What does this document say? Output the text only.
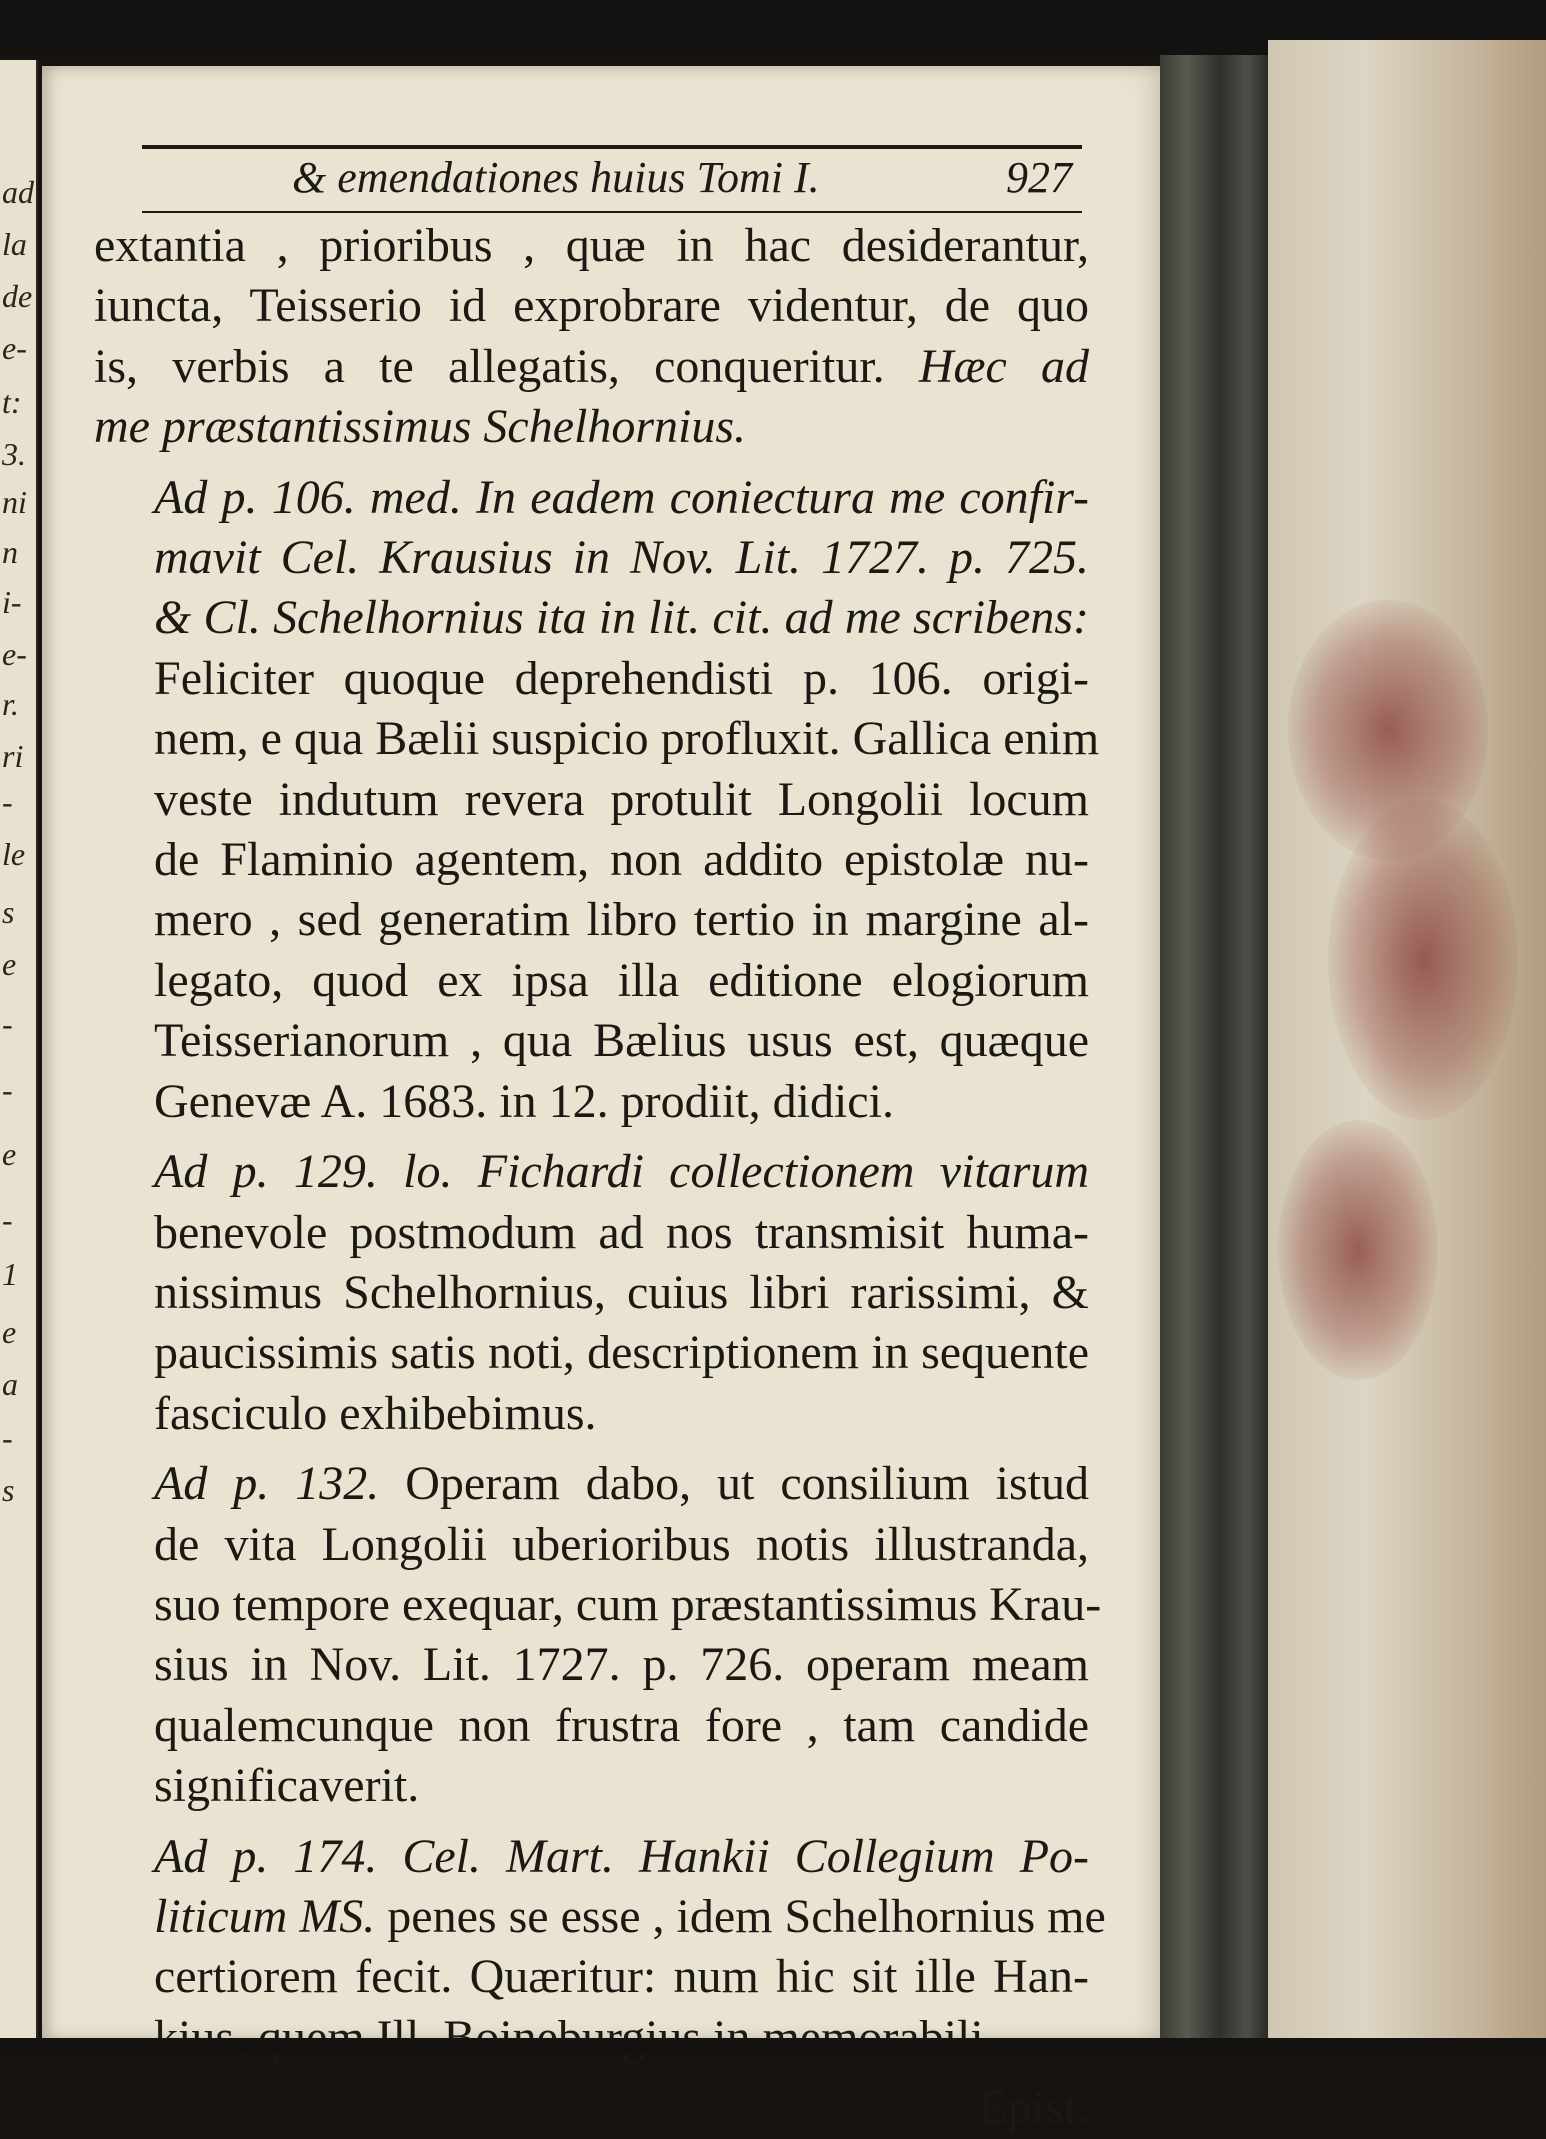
ad
la
de
e-
t:
3.
ni
n
i-
e-
r.
ri
-
le
s
e
-
-
e
-
1
e
a
-
s
& emendationes huius Tomi I.	927
extantia , prioribus , quæ in hac desiderantur,
iuncta, Teisserio id exprobrare videntur, de quo
is, verbis a te allegatis, conqueritur. Hæc ad
me præstantissimus Schelhornius.
Ad p. 106. med. In eadem coniectura me confir-
mavit Cel. Krausius in Nov. Lit. 1727. p. 725.
& Cl. Schelhornius ita in lit. cit. ad me scribens:
Feliciter quoque deprehendisti p. 106. origi-
nem, e qua Bælii suspicio profluxit. Gallica enim
veste indutum revera protulit Longolii locum
de Flaminio agentem, non addito epistolæ nu-
mero , sed generatim libro tertio in margine al-
legato, quod ex ipsa illa editione elogiorum
Teisserianorum , qua Bælius usus est, quæque
Genevæ A. 1683. in 12. prodiit, didici.
Ad p. 129. lo. Fichardi collectionem vitarum
benevole postmodum ad nos transmisit huma-
nissimus Schelhornius, cuius libri rarissimi, &
paucissimis satis noti, descriptionem in sequente
fasciculo exhibebimus.
Ad p. 132. Operam dabo, ut consilium istud
de vita Longolii uberioribus notis illustranda,
suo tempore exequar, cum præstantissimus Krau-
sius in Nov. Lit. 1727. p. 726. operam meam
qualemcunque non frustra fore , tam candide
significaverit.
Ad p. 174. Cel. Mart. Hankii Collegium Po-
liticum MS. penes se esse , idem Schelhornius me
certiorem fecit. Quæritur: num hic sit ille Han-
Epist.
